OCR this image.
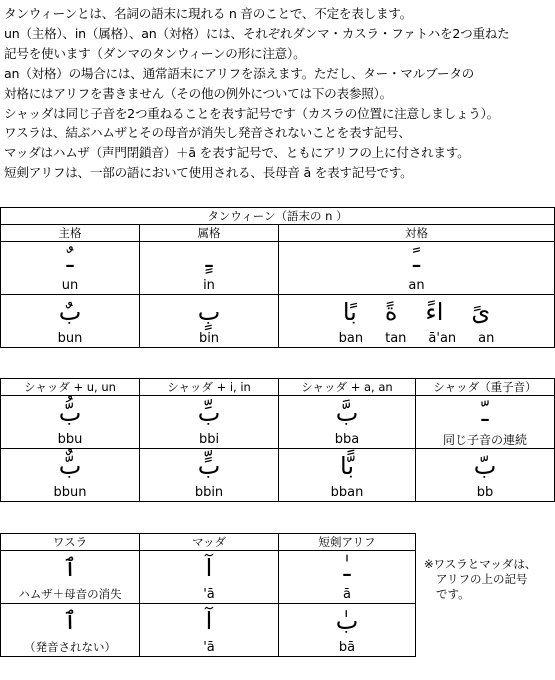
タンウィーンとは、名詞の語末に現れる n 音のことで、不定を表します。

un（主格）、in（属格）、an（対格）には、それぞれダンマ・カスラ・ファトハを2つ重ねた

記号を使います（ダンマのタンウィーンの形に注意）。

an（対格）の場合には、通常語末にアリフを添えます。ただし、ター・マルブータの

対格にはアリフを書きません（その他の例外については下の表参照）。

シャッダは同じ子音を2つ重ねることを表す記号です（カスラの位置に注意しましょう）。

ワスラは、結ぶハムザとその母音が消失し発音されないことを表す記号、

マッダはハムザ（声門閉鎖音）＋ā を表す記号で、ともにアリフの上に付されます。

短剣アリフは、一部の語において使用される、長母音 ā を表す記号です。

タンウィーン（語末の n ）		
主格	属格	対格
ـٌ	ـٍ	ـً
un	in	an
بٌ	بٍ	بًا ةً اءً ىً
bun	bin	ban tan ā'an an
シャッダ + u, un	シャッダ + i, in	シャッダ + a, an	シャッダ（重子音）
بُّ	بِّ	بَّ	ـّ
bbu	bbi	bba	同じ子音の連続
بٌّ	بٍّ	بًّا	بّ
bbun	bbin	bban	bb
ワスラ	マッダ	短剣アリフ
ٱ	آ	ـٰ
ハムザ＋母音の消失	'ā	ā
ٱ	آ	بٰ
（発音されない）	'ā	bā
※ワスラとマッダは、
アリフの上の記号
です。
